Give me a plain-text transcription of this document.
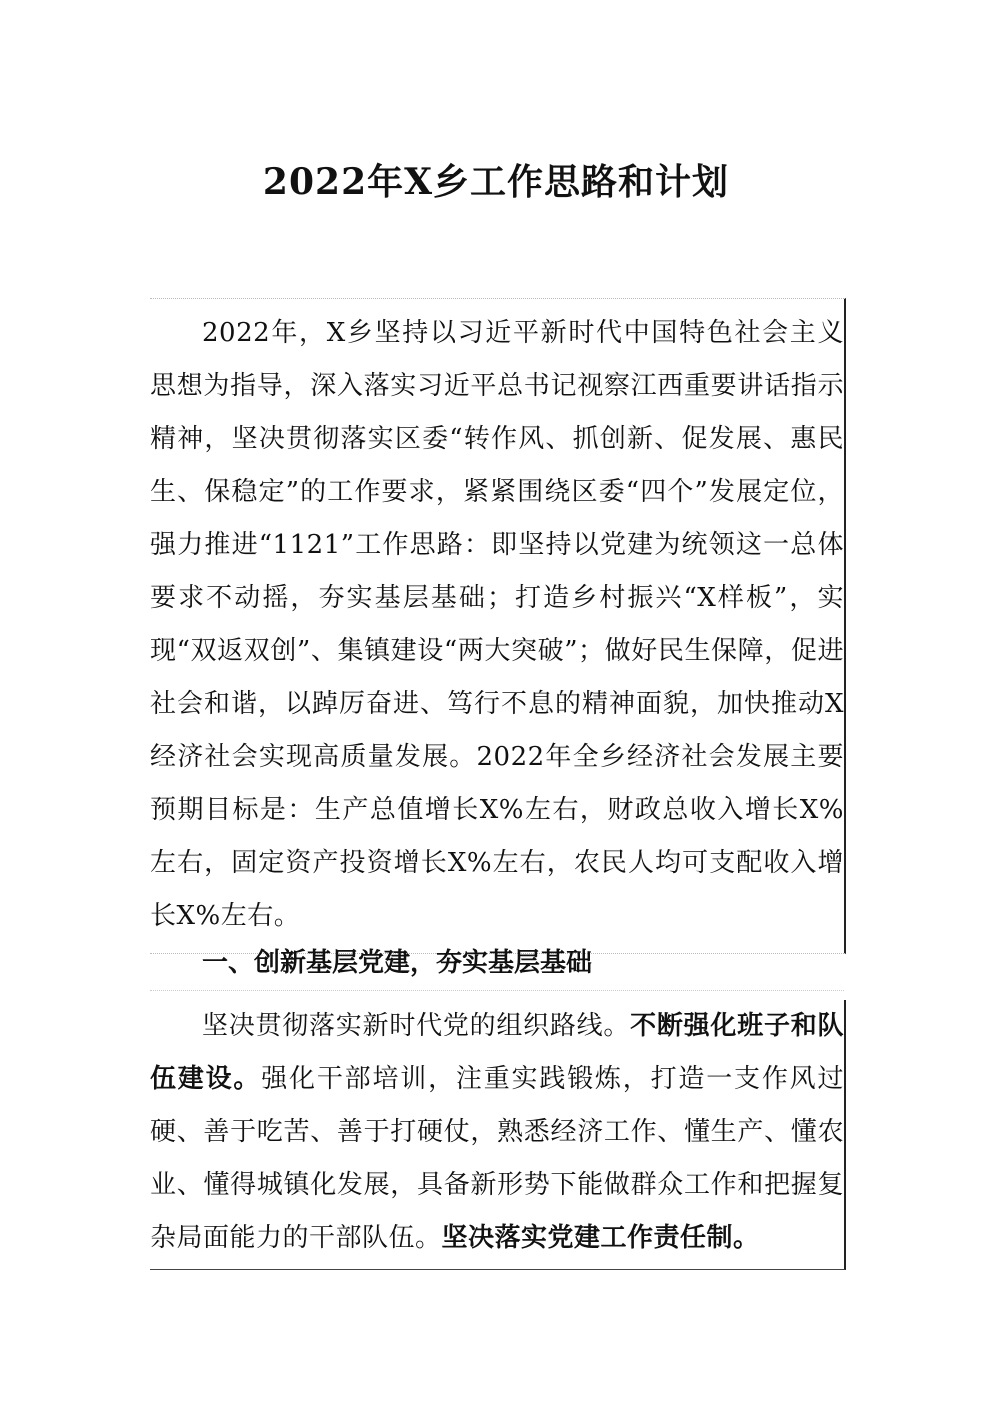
2022年X乡工作思路和计划

2022年，X乡坚持以习近平新时代中国特色社会主义思想为指导，深入落实习近平总书记视察江西重要讲话指示精神，坚决贯彻落实区委“转作风、抓创新、促发展、惠民生、保稳定”的工作要求，紧紧围绕区委“四个”发展定位，强力推进“1121”工作思路：即坚持以党建为统领这一总体要求不动摇，夯实基层基础；打造乡村振兴“X样板”，实现“双返双创”、集镇建设“两大突破”；做好民生保障，促进社会和谐，以踔厉奋进、笃行不息的精神面貌，加快推动X经济社会实现高质量发展。2022年全乡经济社会发展主要预期目标是：生产总值增长X%左右，财政总收入增长X%左右，固定资产投资增长X%左右，农民人均可支配收入增长X%左右。

一、创新基层党建，夯实基层基础

坚决贯彻落实新时代党的组织路线。不断强化班子和队伍建设。强化干部培训，注重实践锻炼，打造一支作风过硬、善于吃苦、善于打硬仗，熟悉经济工作、懂生产、懂农业、懂得城镇化发展，具备新形势下能做群众工作和把握复杂局面能力的干部队伍。坚决落实党建工作责任制。
